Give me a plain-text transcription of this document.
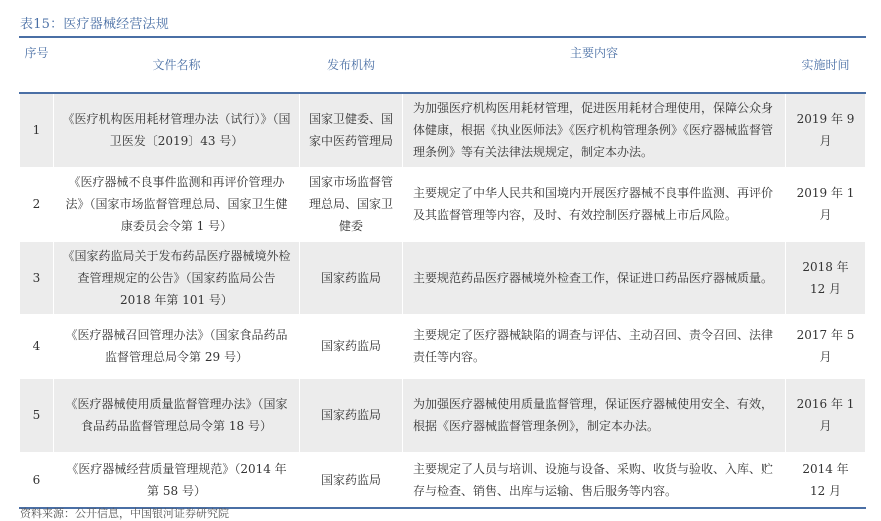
表15：医疗器械经营法规
序号	文件名称	发布机构	主要内容	实施时间
1	《医疗机构医用耗材管理办法（试行）》（国卫医发〔2019〕43 号）	国家卫健委、国家中医药管理局	为加强医疗机构医用耗材管理，促进医用耗材合理使用，保障公众身体健康，根据《执业医师法》《医疗机构管理条例》《医疗器械监督管理条例》等有关法律法规规定，制定本办法。	2019 年 9 月
2	《医疗器械不良事件监测和再评价管理办法》（国家市场监督管理总局、国家卫生健康委员会令第 1 号）	国家市场监督管理总局、国家卫健委	主要规定了中华人民共和国境内开展医疗器械不良事件监测、再评价及其监督管理等内容，及时、有效控制医疗器械上市后风险。	2019 年 1 月
3	《国家药监局关于发布药品医疗器械境外检查管理规定的公告》（国家药监局公告 2018 年第 101 号）	国家药监局	主要规范药品医疗器械境外检查工作，保证进口药品医疗器械质量。	2018 年 12 月
4	《医疗器械召回管理办法》（国家食品药品监督管理总局令第 29 号）	国家药监局	主要规定了医疗器械缺陷的调查与评估、主动召回、责令召回、法律责任等内容。	2017 年 5 月
5	《医疗器械使用质量监督管理办法》（国家食品药品监督管理总局令第 18 号）	国家药监局	为加强医疗器械使用质量监督管理，保证医疗器械使用安全、有效，根据《医疗器械监督管理条例》，制定本办法。	2016 年 1 月
6	《医疗器械经营质量管理规范》（2014 年第 58 号）	国家药监局	主要规定了人员与培训、设施与设备、采购、收货与验收、入库、贮存与检查、销售、出库与运输、售后服务等内容。	2014 年 12 月
资料来源：公开信息，中国银河证券研究院
